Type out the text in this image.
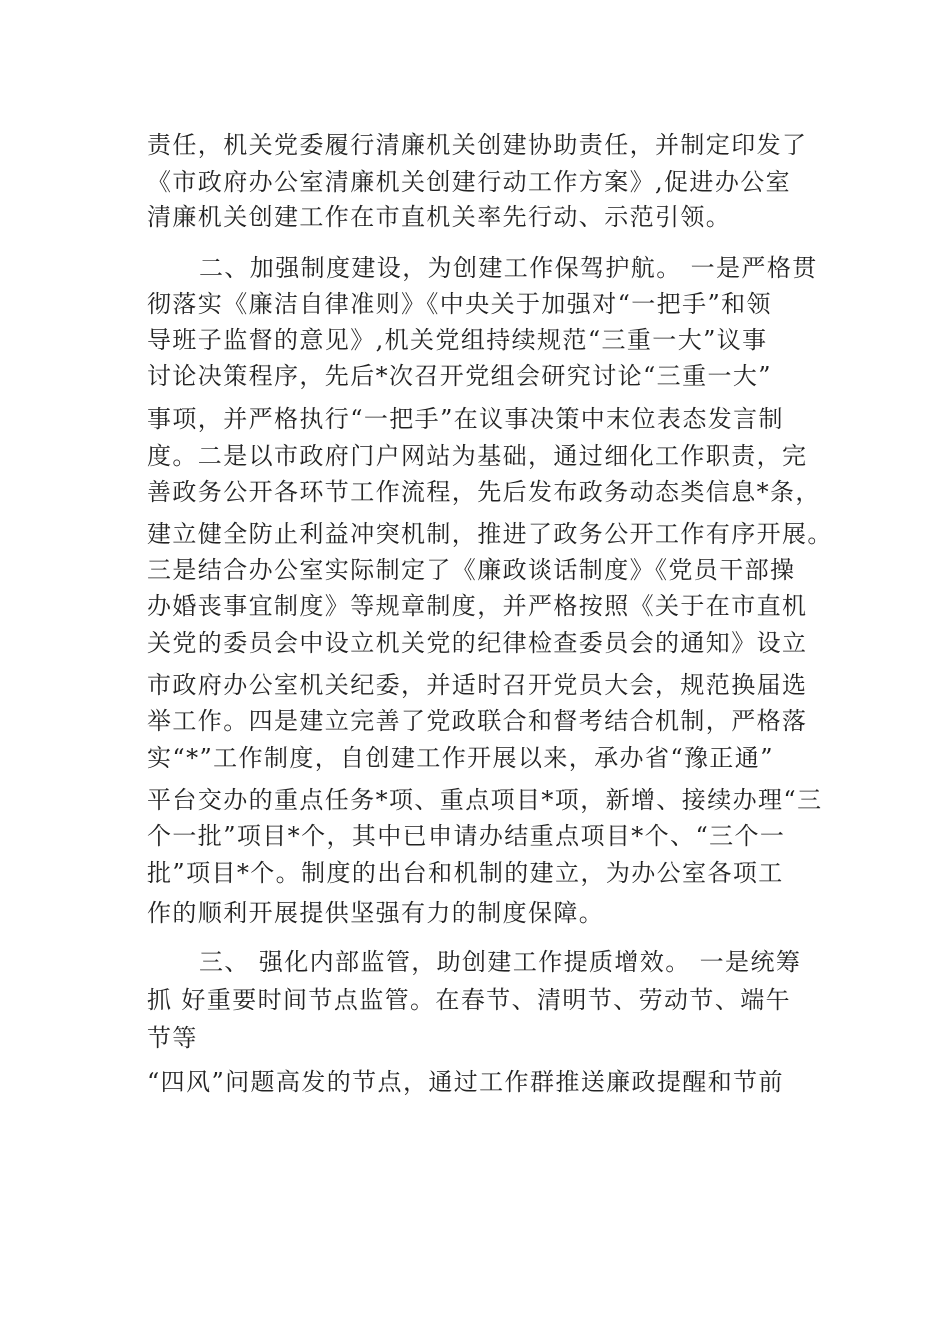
责任，机关党委履行清廉机关创建协助责任，并制定印发了
《市政府办公室清廉机关创建行动工作方案》,促进办公室
清廉机关创建工作在市直机关率先行动、示范引领。
二、加强制度建设，为创建工作保驾护航。 一是严格贯
彻落实《廉洁自律准则》《中央关于加强对“一把手”和领
导班子监督的意见》,机关党组持续规范“三重一大”议事
讨论决策程序，先后*次召开党组会研究讨论“三重一大”
事项，并严格执行“一把手”在议事决策中末位表态发言制
度。二是以市政府门户网站为基础，通过细化工作职责，完
善政务公开各环节工作流程，先后发布政务动态类信息*条，
建立健全防止利益冲突机制，推进了政务公开工作有序开展。
三是结合办公室实际制定了《廉政谈话制度》《党员干部操
办婚丧事宜制度》等规章制度，并严格按照《关于在市直机
关党的委员会中设立机关党的纪律检查委员会的通知》设立
市政府办公室机关纪委，并适时召开党员大会，规范换届选
举工作。四是建立完善了党政联合和督考结合机制，严格落
实“*”工作制度，自创建工作开展以来，承办省“豫正通”
平台交办的重点任务*项、重点项目*项，新增、接续办理“三
个一批”项目*个，其中已申请办结重点项目*个、“三个一
批”项目*个。制度的出台和机制的建立，为办公室各项工
作的顺利开展提供坚强有力的制度保障。
三、 强化内部监管，助创建工作提质增效。 一是统筹
抓 好重要时间节点监管。在春节、清明节、劳动节、端午
节等
“四风”问题高发的节点，通过工作群推送廉政提醒和节前
